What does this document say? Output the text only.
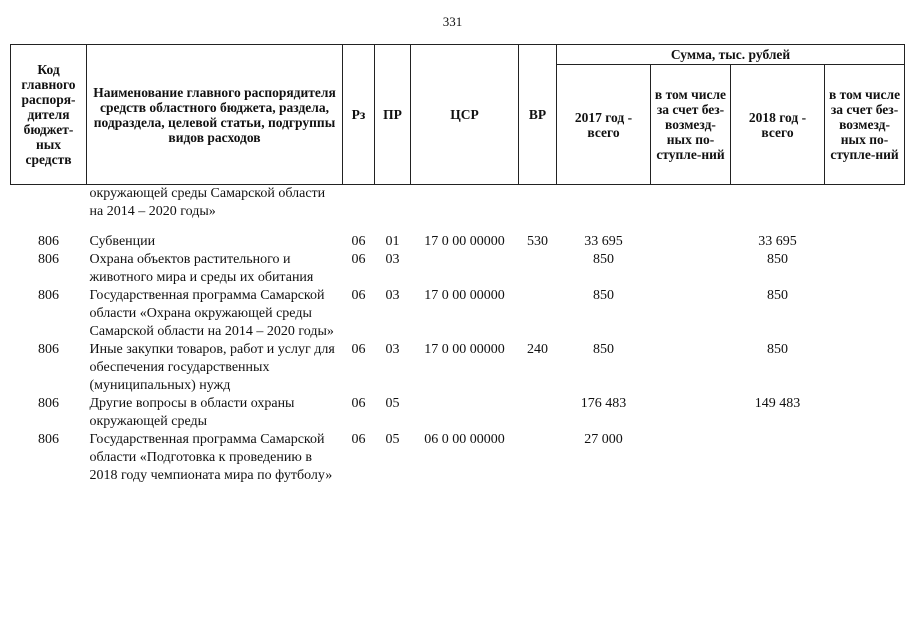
331
Код главного распоря-дителя бюджет-ных средств	Наименование главного распорядителя средств областного бюджета, раздела, подраздела, целевой статьи, подгруппы видов расходов	Рз	ПР	ЦСР	ВР	Сумма, тыс. рублей			
						2017 год - всего	в том числе за счет без-возмезд-ных по-ступле-ний	2018 год - всего	в том числе за счет без-возмезд-ных по-ступле-ний
	окружающей среды Самарской области на 2014 – 2020 годы»								
806	Субвенции	06	01	17 0 00 00000	530	33 695		33 695	
806	Охрана объектов растительного и животного мира и среды их обитания	06	03			850		850	
806	Государственная программа Самарской области «Охрана окружающей среды Самарской области на 2014 – 2020 годы»	06	03	17 0 00 00000		850		850	
806	Иные закупки товаров, работ и услуг для обеспечения государственных (муниципальных) нужд	06	03	17 0 00 00000	240	850		850	
806	Другие вопросы в области охраны окружающей среды	06	05			176 483		149 483	
806	Государственная программа Самарской области «Подготовка к проведению в 2018 году чемпионата мира по футболу»	06	05	06 0 00 00000		27 000			
